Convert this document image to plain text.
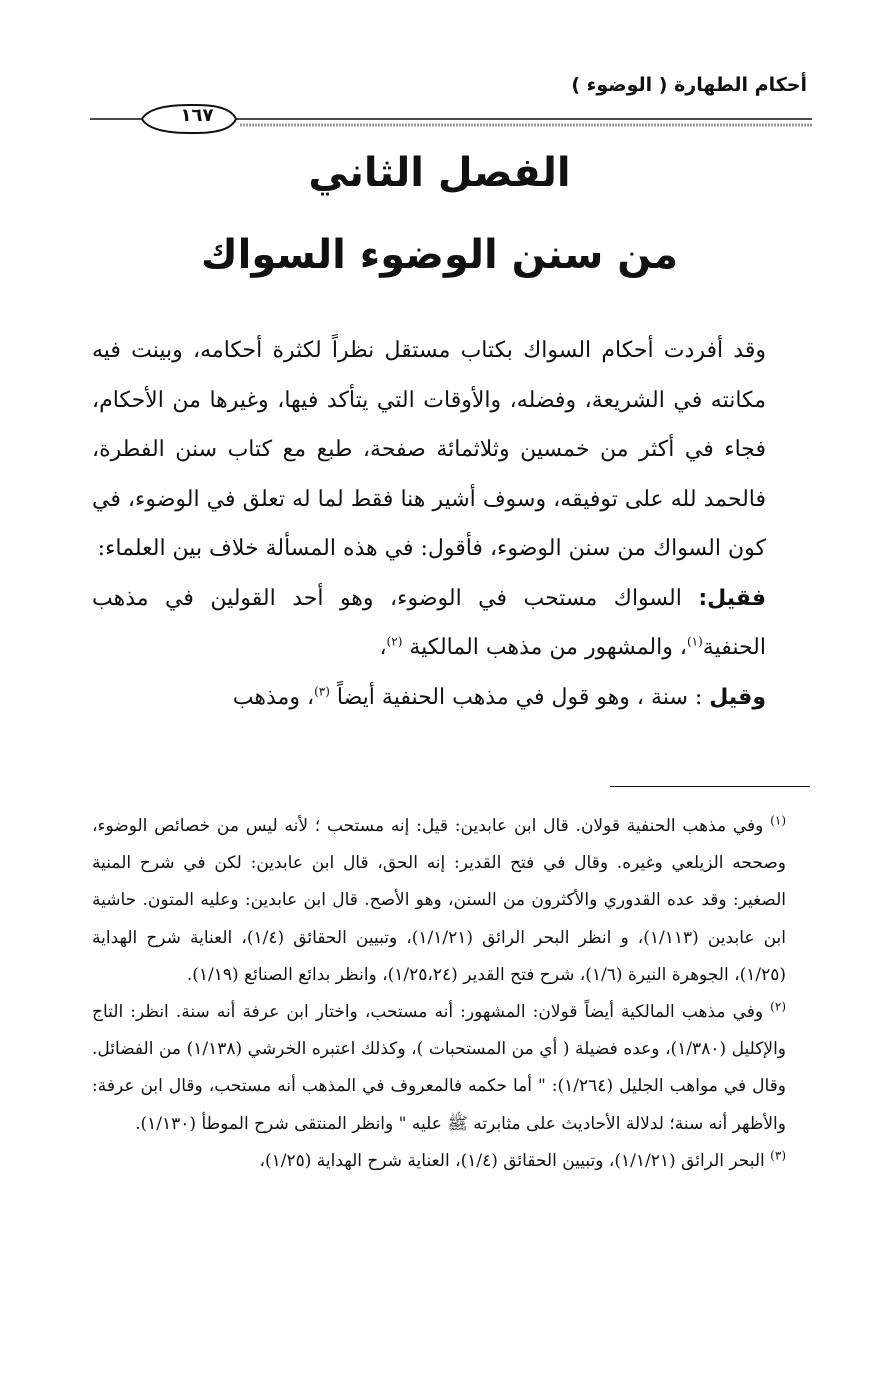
أحكام الطهارة ( الوضوء )
١٦٧
الفصل الثاني
من سنن الوضوء السواك

وقد أفردت أحكام السواك بكتاب مستقل نظراً لكثرة أحكامه، وبينت فيه مكانته في الشريعة، وفضله، والأوقات التي يتأكد فيها، وغيرها من الأحكام، فجاء في أكثر من خمسين وثلاثمائة صفحة، طبع مع كتاب سنن الفطرة، فالحمد لله على توفيقه، وسوف أشير هنا فقط لما له تعلق في الوضوء، في كون السواك من سنن الوضوء، فأقول: في هذه المسألة خلاف بين العلماء:

فقيل: السواك مستحب في الوضوء، وهو أحد القولين في مذهب الحنفية$^{(١)}$، والمشهور من مذهب المالكية $^{(٢)}$،

وقيل : سنة ، وهو قول في مذهب الحنفية أيضاً $^{(٣)}$، ومذهب

$^{(١)}$ وفي مذهب الحنفية قولان. قال ابن عابدين: قيل: إنه مستحب ؛ لأنه ليس من خصائص الوضوء، وصححه الزيلعي وغيره. وقال في فتح القدير: إنه الحق، قال ابن عابدين: لكن في شرح المنية الصغير: وقد عده القدوري والأكثرون من السنن، وهو الأصح. قال ابن عابدين: وعليه المتون. حاشية ابن عابدين (١/١١٣)، و انظر البحر الرائق (١/١/٢١)، وتبيين الحقائق (١/٤)، العناية شرح الهداية (١/٢٥)، الجوهرة النيرة (١/٦)، شرح فتح القدير (١/٢٥،٢٤)، وانظر بدائع الصنائع (١/١٩).

$^{(٢)}$ وفي مذهب المالكية أيضاً قولان: المشهور: أنه مستحب، واختار ابن عرفة أنه سنة. انظر: التاج والإكليل (١/٣٨٠)، وعده فضيلة ( أي من المستحبات )، وكذلك اعتبره الخرشي (١/١٣٨) من الفضائل. وقال في مواهب الجليل (١/٢٦٤): " أما حكمه فالمعروف في المذهب أنه مستحب، وقال ابن عرفة: والأظهر أنه سنة؛ لدلالة الأحاديث على مثابرته ﷺ عليه " وانظر المنتقى شرح الموطأ (١/١٣٠).

$^{(٣)}$ البحر الرائق (١/١/٢١)، وتبيين الحقائق (١/٤)، العناية شرح الهداية (١/٢٥)،
